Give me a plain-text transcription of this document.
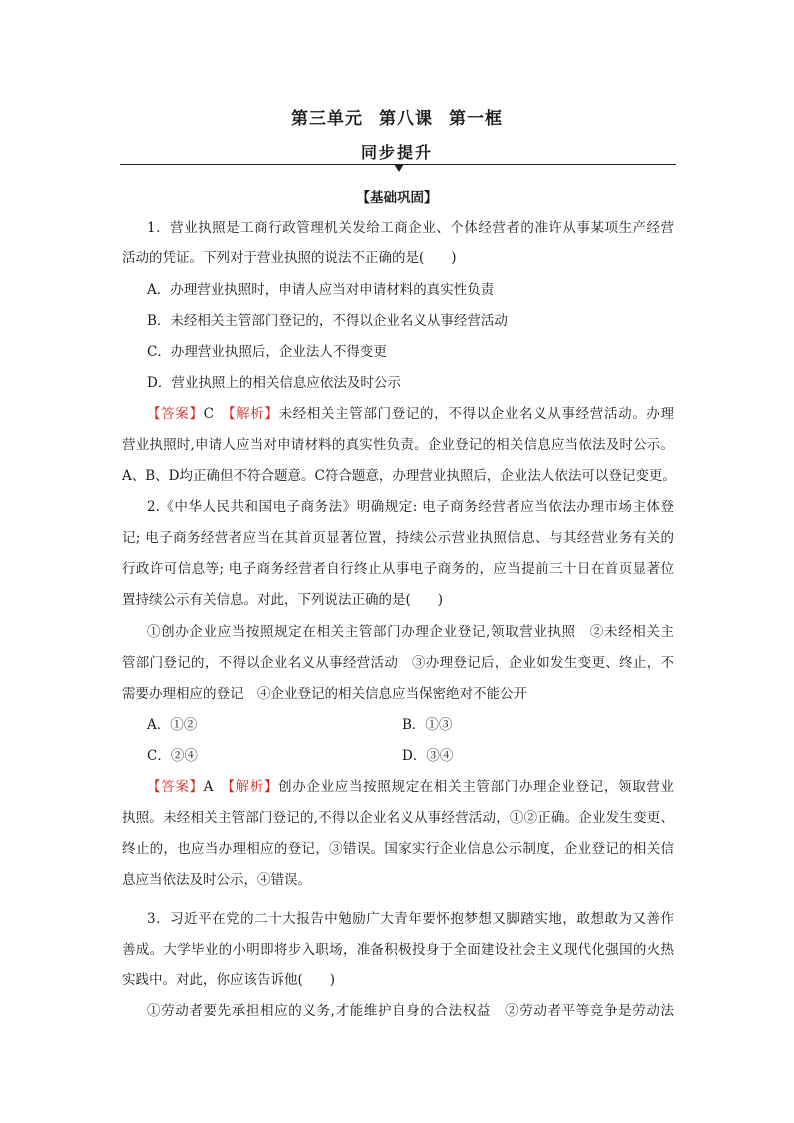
第三单元 第八课 第一框
同步提升
【基础巩固】
1．营业执照是工商行政管理机关发给工商企业、个体经营者的准许从事某项生产经营
活动的凭证。下列对于营业执照的说法不正确的是(　　)
A．办理营业执照时，申请人应当对申请材料的真实性负责
B．未经相关主管部门登记的，不得以企业名义从事经营活动
C．办理营业执照后，企业法人不得变更
D．营业执照上的相关信息应依法及时公示
【答案】C　 【解析】未经相关主管部门登记的，不得以企业名义从事经营活动。办理
营业执照时,申请人应当对申请材料的真实性负责。企业登记的相关信息应当依法及时公示。
A、B、D均正确但不符合题意。C符合题意，办理营业执照后，企业法人依法可以登记变更。
2.《中华人民共和国电子商务法》明确规定: 电子商务经营者应当依法办理市场主体登
记; 电子商务经营者应当在其首页显著位置，持续公示营业执照信息、与其经营业务有关的
行政许可信息等; 电子商务经营者自行终止从事电子商务的，应当提前三十日在首页显著位
置持续公示有关信息。对此，下列说法正确的是(　　)
①创办企业应当按照规定在相关主管部门办理企业登记,领取营业执照　②未经相关主
管部门登记的，不得以企业名义从事经营活动　③办理登记后，企业如发生变更、终止，不
需要办理相应的登记　④企业登记的相关信息应当保密绝对不能公开
A．①②	B．①③
C．②④	D．③④
【答案】A　 【解析】创办企业应当按照规定在相关主管部门办理企业登记，领取营业
执照。未经相关主管部门登记的,不得以企业名义从事经营活动，①②正确。企业发生变更、
终止的，也应当办理相应的登记，③错误。国家实行企业信息公示制度，企业登记的相关信
息应当依法及时公示，④错误。
3．习近平在党的二十大报告中勉励广大青年要怀抱梦想又脚踏实地，敢想敢为又善作
善成。大学毕业的小明即将步入职场，准备积极投身于全面建设社会主义现代化强国的火热
实践中。对此，你应该告诉他(　　)
①劳动者要先承担相应的义务,才能维护自身的合法权益　②劳动者平等竞争是劳动法
